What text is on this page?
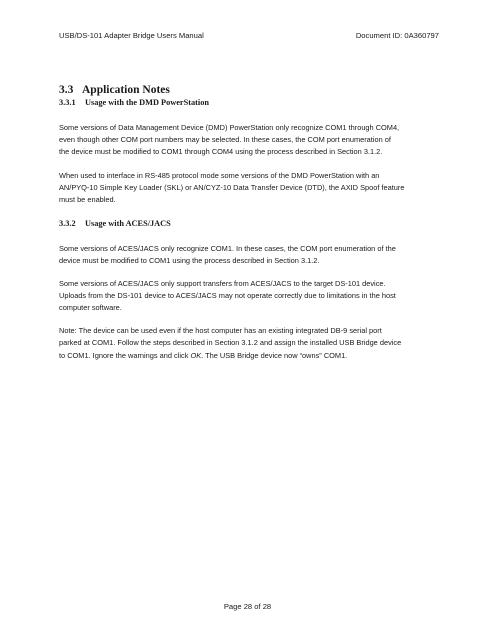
USB/DS-101 Adapter Bridge Users Manual	Document ID: 0A360797
3.3 Application Notes
3.3.1 Usage with the DMD PowerStation
Some versions of Data Management Device (DMD) PowerStation only recognize COM1 through COM4,
even though other COM port numbers may be selected. In these cases, the COM port enumeration of
the device must be modified to COM1 through COM4 using the process described in Section 3.1.2.
When used to interface in RS-485 protocol mode some versions of the DMD PowerStation with an
AN/PYQ-10 Simple Key Loader (SKL) or AN/CYZ-10 Data Transfer Device (DTD), the AXID Spoof feature
must be enabled.
3.3.2 Usage with ACES/JACS
Some versions of ACES/JACS only recognize COM1. In these cases, the COM port enumeration of the
device must be modified to COM1 using the process described in Section 3.1.2.
Some versions of ACES/JACS only support transfers from ACES/JACS to the target DS-101 device.
Uploads from the DS-101 device to ACES/JACS may not operate correctly due to limitations in the host
computer software.
Note: The device can be used even if the host computer has an existing integrated DB-9 serial port
parked at COM1. Follow the steps described in Section 3.1.2 and assign the installed USB Bridge device
to COM1. Ignore the warnings and click OK. The USB Bridge device now “owns” COM1.
Page 28 of 28
